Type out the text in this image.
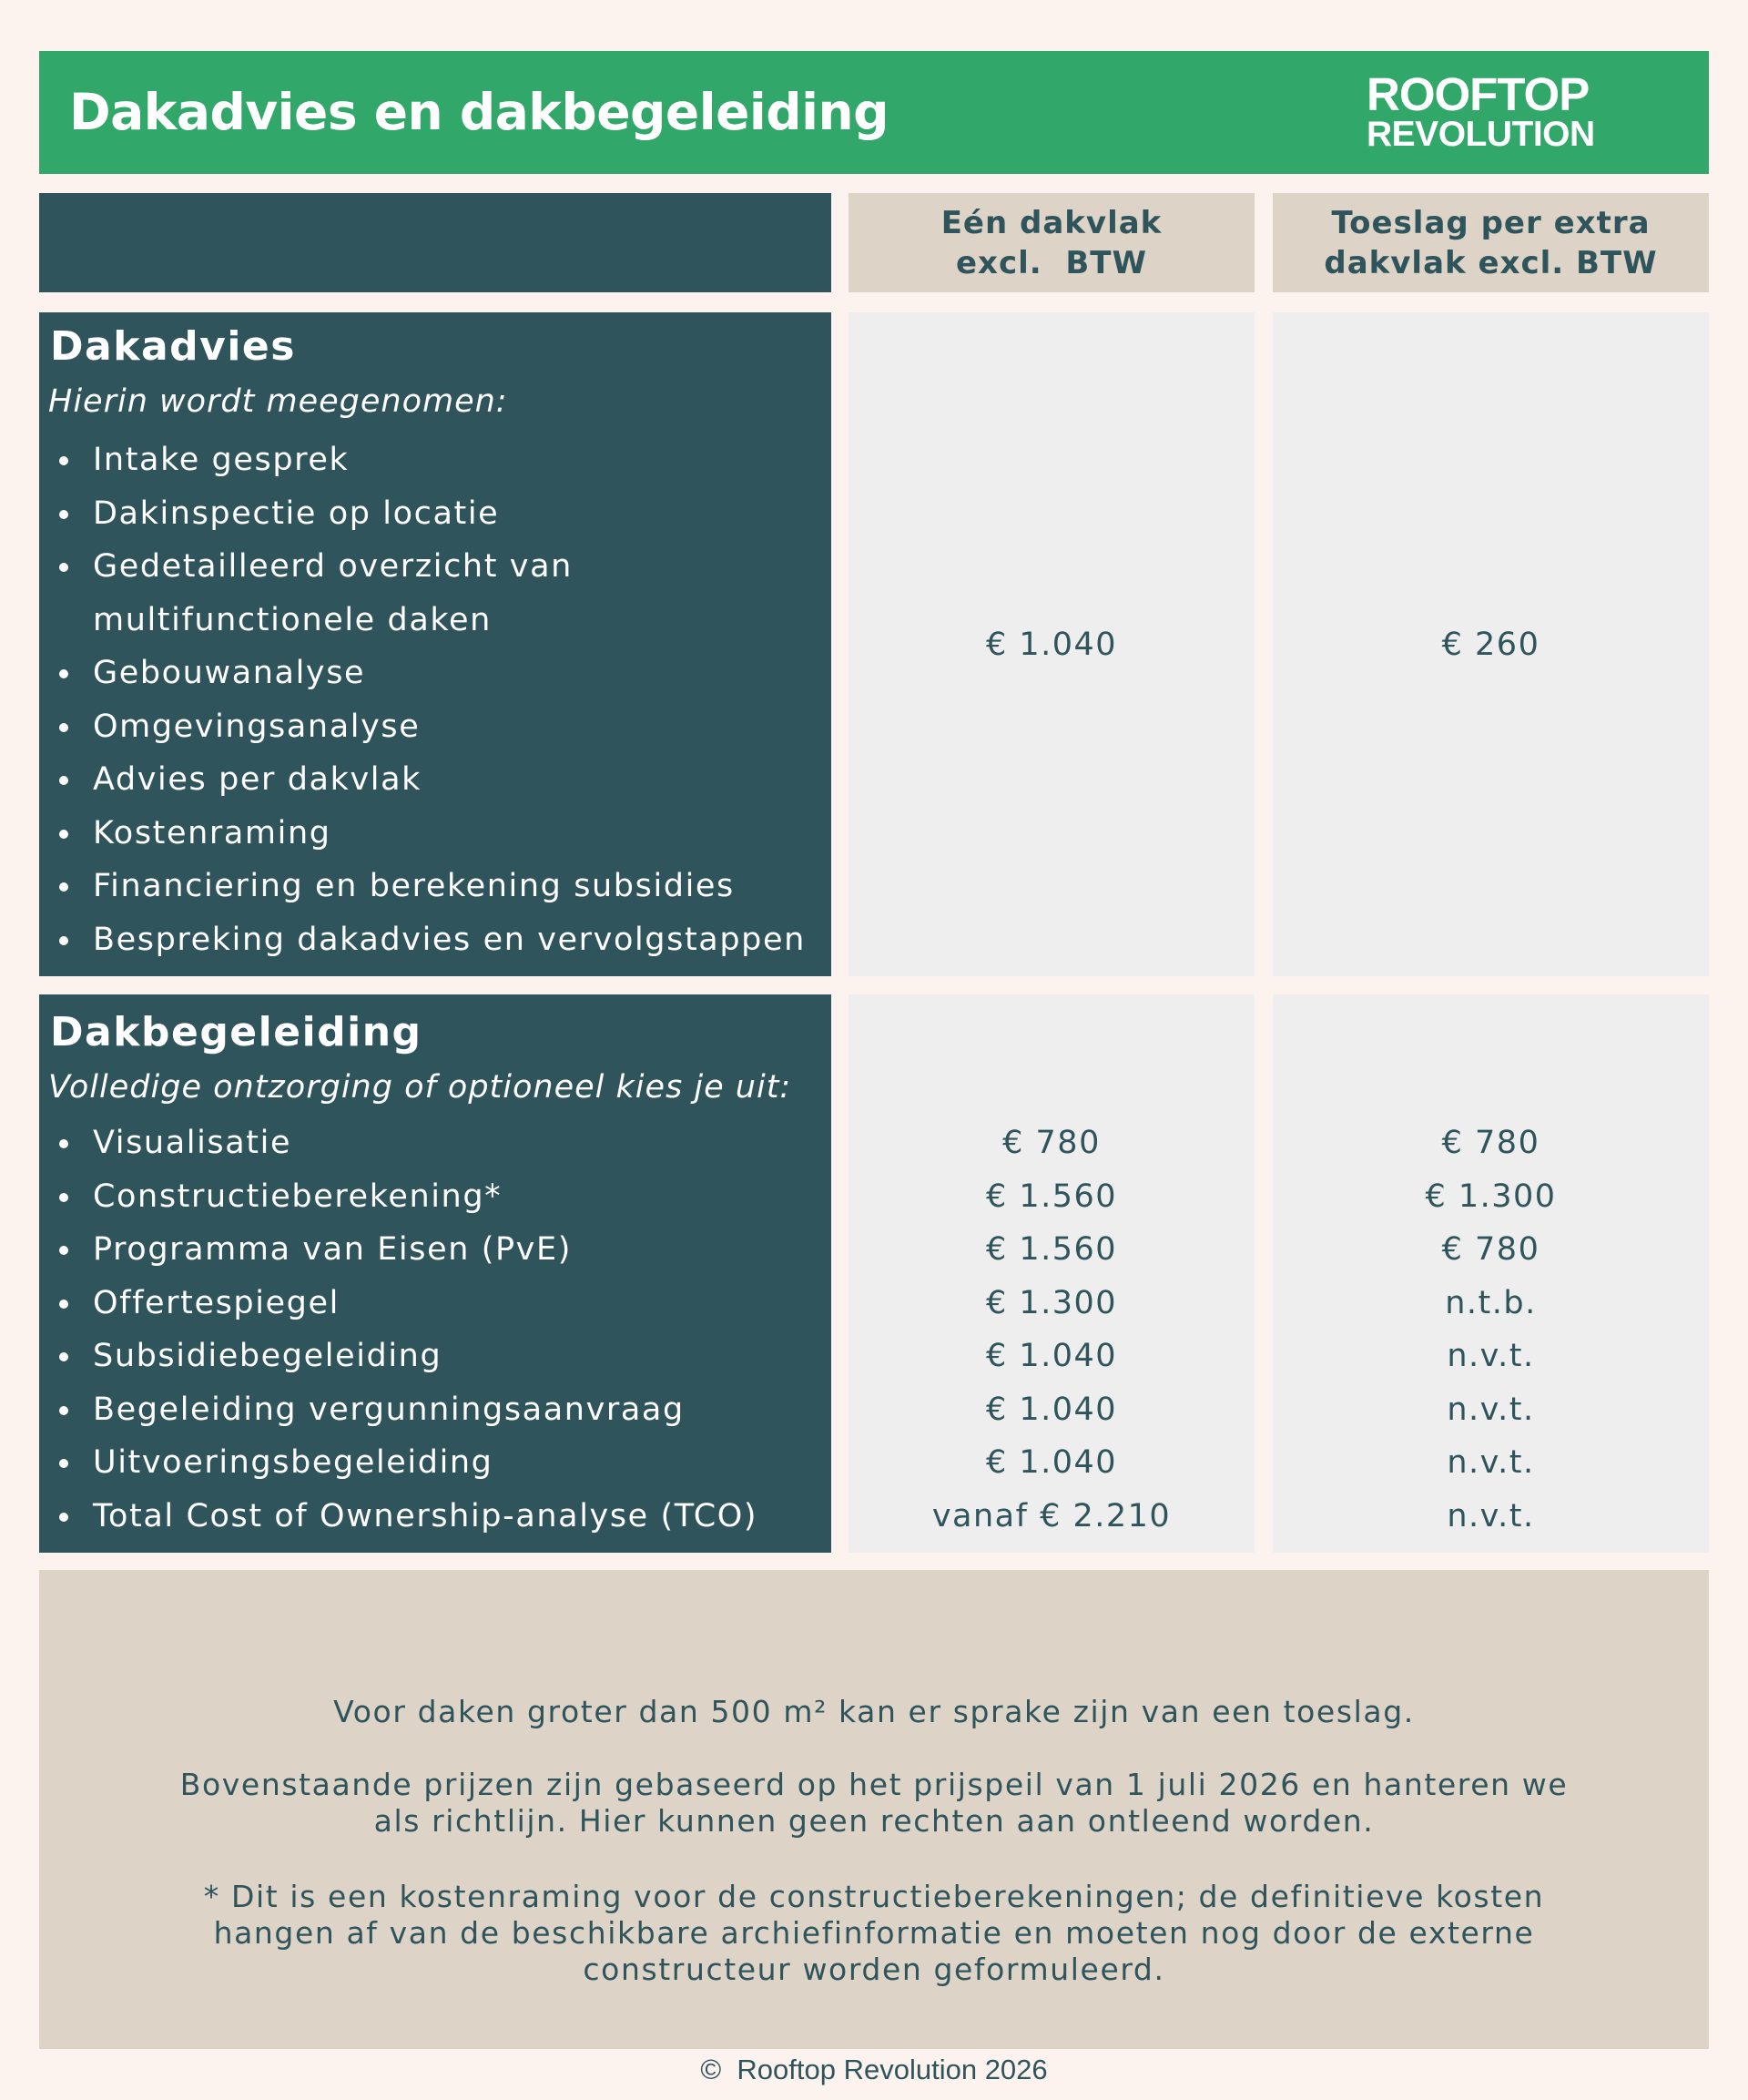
Dakadvies en dakbegeleiding	ROOFTOP
REVOLUTION
Eén dakvlak
excl.  BTW
Toeslag per extra
dakvlak excl. BTW
Dakadvies
Hierin wordt meegenomen:
Intake gesprek
Dakinspectie op locatie
Gedetailleerd overzicht van
multifunctionele daken
Gebouwanalyse
Omgevingsanalyse
Advies per dakvlak
Kostenraming
Financiering en berekening subsidies
Bespreking dakadvies en vervolgstappen
€ 1.040	€ 260
Dakbegeleiding
Volledige ontzorging of optioneel kies je uit:
Visualisatie
Constructieberekening*
Programma van Eisen (PvE)
Offertespiegel
Subsidiebegeleiding
Begeleiding vergunningsaanvraag
Uitvoeringsbegeleiding
Total Cost of Ownership-analyse (TCO)
€ 780
€ 1.560
€ 1.560
€ 1.300
€ 1.040
€ 1.040
€ 1.040
vanaf € 2.210
€ 780
€ 1.300
€ 780
n.t.b.
n.v.t.
n.v.t.
n.v.t.
n.v.t.

Voor daken groter dan 500 m² kan er sprake zijn van een toeslag.

Bovenstaande prijzen zijn gebaseerd op het prijspeil van 1 juli 2026 en hanteren we

als richtlijn. Hier kunnen geen rechten aan ontleend worden.

* Dit is een kostenraming voor de constructieberekeningen; de definitieve kosten

hangen af van de beschikbare archiefinformatie en moeten nog door de externe

constructeur worden geformuleerd.

©  Rooftop Revolution 2026
